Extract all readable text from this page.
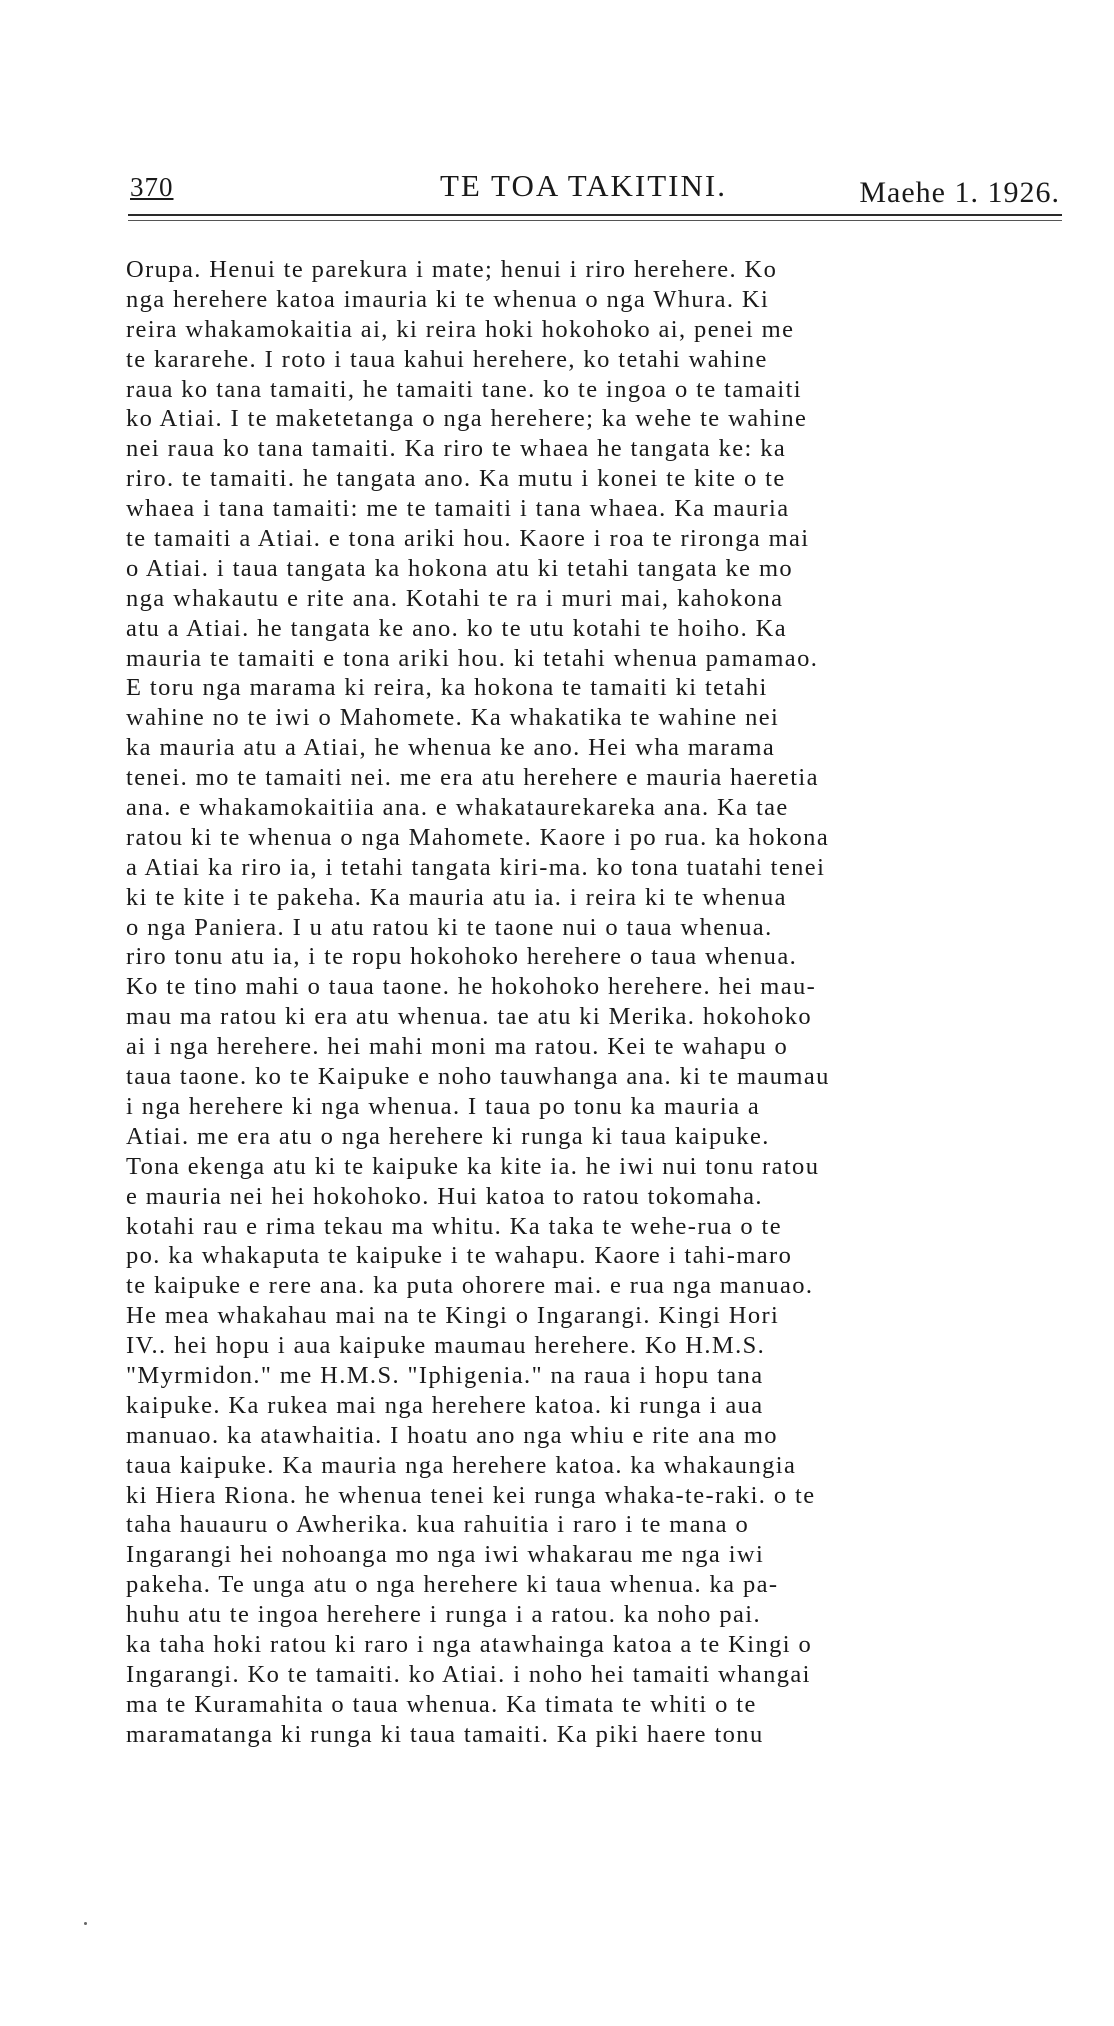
370	TE TOA TAKITINI.	Maehe 1. 1926.
Orupa. Henui te parekura i mate; henui i riro herehere. Ko
nga herehere katoa imauria ki te whenua o nga Whura. Ki
reira whakamokaitia ai, ki reira hoki hokohoko ai, penei me
te kararehe. I roto i taua kahui herehere, ko tetahi wahine
raua ko tana tamaiti, he tamaiti tane. ko te ingoa o te tamaiti
ko Atiai. I te maketetanga o nga herehere; ka wehe te wahine
nei raua ko tana tamaiti. Ka riro te whaea he tangata ke: ka
riro. te tamaiti. he tangata ano. Ka mutu i konei te kite o te
whaea i tana tamaiti: me te tamaiti i tana whaea. Ka mauria
te tamaiti a Atiai. e tona ariki hou. Kaore i roa te rironga mai
o Atiai. i taua tangata ka hokona atu ki tetahi tangata ke mo
nga whakautu e rite ana. Kotahi te ra i muri mai, kahokona
atu a Atiai. he tangata ke ano. ko te utu kotahi te hoiho. Ka
mauria te tamaiti e tona ariki hou. ki tetahi whenua pamamao.
E toru nga marama ki reira, ka hokona te tamaiti ki tetahi
wahine no te iwi o Mahomete. Ka whakatika te wahine nei
ka mauria atu a Atiai, he whenua ke ano. Hei wha marama
tenei. mo te tamaiti nei. me era atu herehere e mauria haeretia
ana. e whakamokaitiia ana. e whakataurekareka ana. Ka tae
ratou ki te whenua o nga Mahomete. Kaore i po rua. ka hokona
a Atiai ka riro ia, i tetahi tangata kiri-ma. ko tona tuatahi tenei
ki te kite i te pakeha. Ka mauria atu ia. i reira ki te whenua
o nga Paniera. I u atu ratou ki te taone nui o taua whenua.
riro tonu atu ia, i te ropu hokohoko herehere o taua whenua.
Ko te tino mahi o taua taone. he hokohoko herehere. hei mau-
mau ma ratou ki era atu whenua. tae atu ki Merika. hokohoko
ai i nga herehere. hei mahi moni ma ratou. Kei te wahapu o
taua taone. ko te Kaipuke e noho tauwhanga ana. ki te maumau
i nga herehere ki nga whenua. I taua po tonu ka mauria a
Atiai. me era atu o nga herehere ki runga ki taua kaipuke.
Tona ekenga atu ki te kaipuke ka kite ia. he iwi nui tonu ratou
e mauria nei hei hokohoko. Hui katoa to ratou tokomaha.
kotahi rau e rima tekau ma whitu. Ka taka te wehe-rua o te
po. ka whakaputa te kaipuke i te wahapu. Kaore i tahi-maro
te kaipuke e rere ana. ka puta ohorere mai. e rua nga manuao.
He mea whakahau mai na te Kingi o Ingarangi. Kingi Hori
IV.. hei hopu i aua kaipuke maumau herehere. Ko H.M.S.
"Myrmidon." me H.M.S. "Iphigenia." na raua i hopu tana
kaipuke. Ka rukea mai nga herehere katoa. ki runga i aua
manuao. ka atawhaitia. I hoatu ano nga whiu e rite ana mo
taua kaipuke. Ka mauria nga herehere katoa. ka whakaungia
ki Hiera Riona. he whenua tenei kei runga whaka-te-raki. o te
taha hauauru o Awherika. kua rahuitia i raro i te mana o
Ingarangi hei nohoanga mo nga iwi whakarau me nga iwi
pakeha. Te unga atu o nga herehere ki taua whenua. ka pa-
huhu atu te ingoa herehere i runga i a ratou. ka noho pai.
ka taha hoki ratou ki raro i nga atawhainga katoa a te Kingi o
Ingarangi. Ko te tamaiti. ko Atiai. i noho hei tamaiti whangai
ma te Kuramahita o taua whenua. Ka timata te whiti o te
maramatanga ki runga ki taua tamaiti. Ka piki haere tonu
